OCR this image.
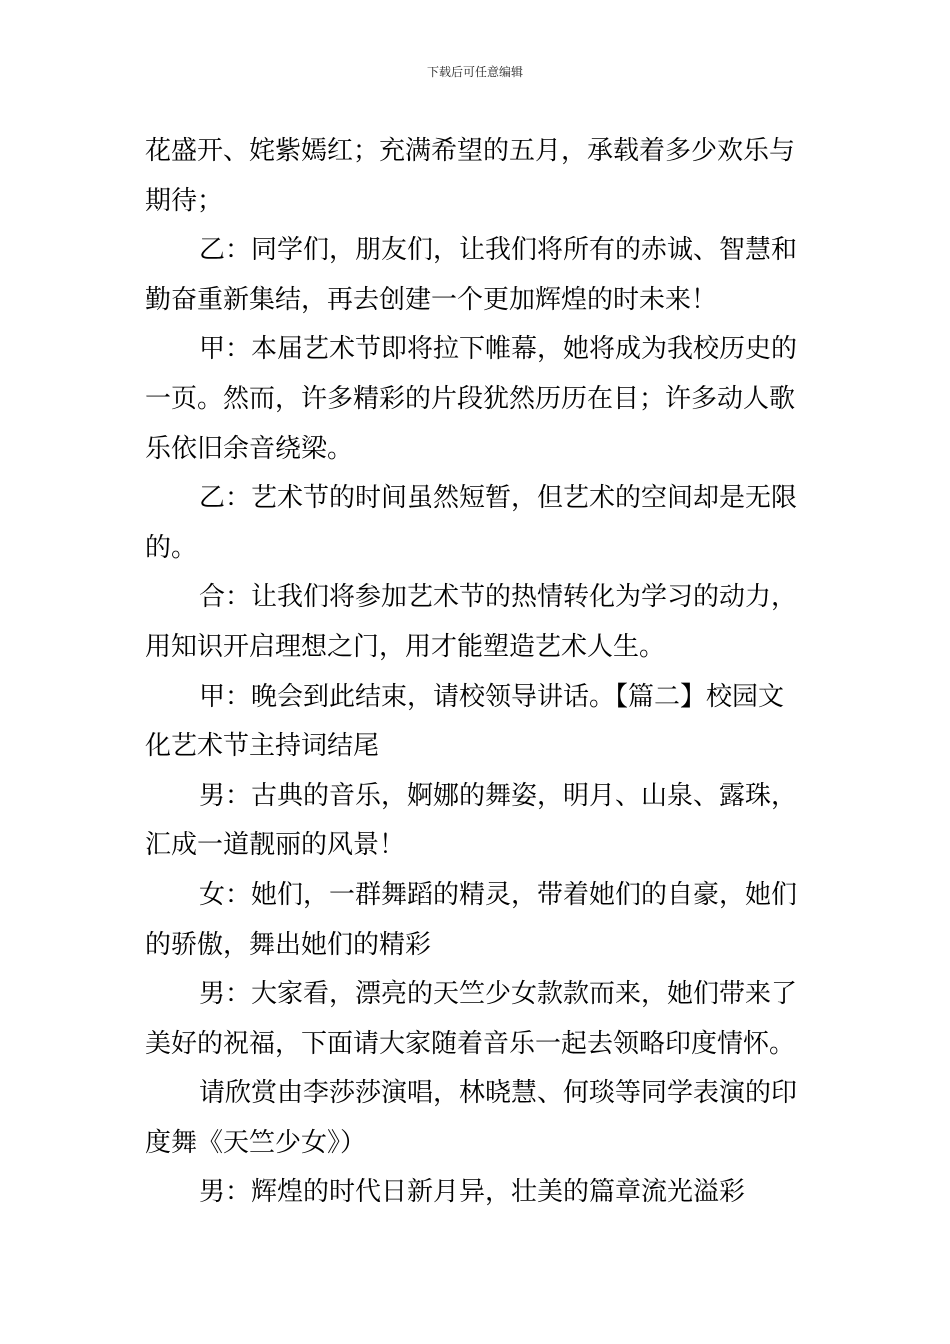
下载后可任意编辑
花盛开、姹紫嫣红；充满希望的五月，承载着多少欢乐与
期待；
乙：同学们，朋友们，让我们将所有的赤诚、智慧和
勤奋重新集结，再去创建一个更加辉煌的时未来！
甲：本届艺术节即将拉下帷幕，她将成为我校历史的
一页。然而，许多精彩的片段犹然历历在目；许多动人歌
乐依旧余音绕梁。
乙：艺术节的时间虽然短暂，但艺术的空间却是无限
的。
合：让我们将参加艺术节的热情转化为学习的动力，
用知识开启理想之门，用才能塑造艺术人生。
甲：晚会到此结束，请校领导讲话。【篇二】校园文
化艺术节主持词结尾
男：古典的音乐，婀娜的舞姿，明月、山泉、露珠，
汇成一道靓丽的风景！
女：她们，一群舞蹈的精灵，带着她们的自豪，她们
的骄傲，舞出她们的精彩
男：大家看，漂亮的天竺少女款款而来，她们带来了
美好的祝福，下面请大家随着音乐一起去领略印度情怀。
请欣赏由李莎莎演唱，林晓慧、何琰等同学表演的印
度舞《天竺少女》）
男：辉煌的时代日新月异，壮美的篇章流光溢彩
